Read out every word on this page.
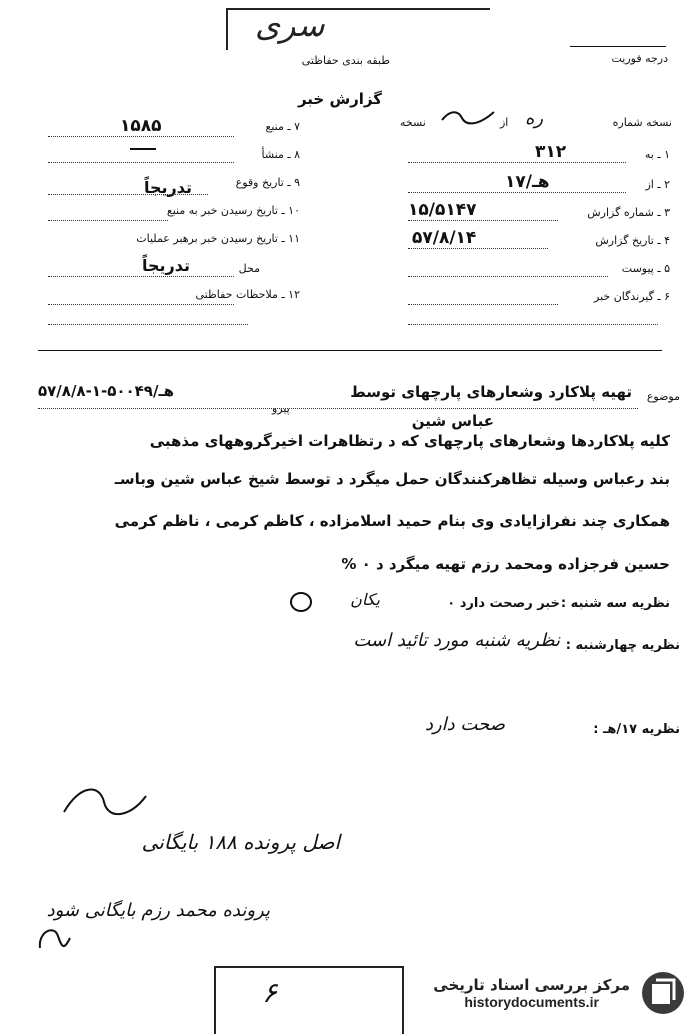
سری
طبقه بندی حفاظتی	درجه فوریت
گزارش خبر
نسخه شماره
ره
از
نسخه
۱ ـ به
۳۱۲
۲ ـ از
۱۷/هـ
۳ ـ شماره گزارش
۱۵/۵۱۴۷
۴ ـ تاریخ گزارش
۵۷/۸/۱۴
۵ ـ پیوست
۶ ـ گیرندگان خبر
۷ ـ منبع
۱۵۸۵
۸ ـ منشأ
۹ ـ تاریخ وقوع
تدریجاً
۱۰ ـ تاریخ رسیدن خبر به منبع
۱۱ ـ تاریخ رسیدن خبر برهبر عملیات
محل
تدریجاً
۱۲ ـ ملاحظات حفاظتی
موضوع
تهیه پلاکارد وشعارهای پارچهای توسط
۵۷/۸/۸-۱-هـ/۵۰۰۴۹
پیرو
عباس شین
کلیه پلاکاردها وشعارهای پارچهای که د رتظاهرات اخیرگروههای مذهبی
بند رعباس وسیله تظاهرکنندگان حمل میگرد د توسط شیخ عباس شین وباسـ
همکاری چند نفرازایادی وی بنام حمید اسلامزاده ، کاظم کرمی ، ناظم کرمی
حسین فرجزاده ومحمد رزم تهیه میگرد د ۰ %
نظریه سه شنبه :
خبر رصحت دارد ۰
یکان
نظریه چهارشنبه :
نظریه شنبه مورد تائید است
نظریه ۱۷/هـ :
صحت دارد
اصل پرونده ۱۸۸ بایگانی
پرونده محمد رزم بایگانی شود
۶	مرکز بررسی اسناد تاریخی
historydocuments.ir
